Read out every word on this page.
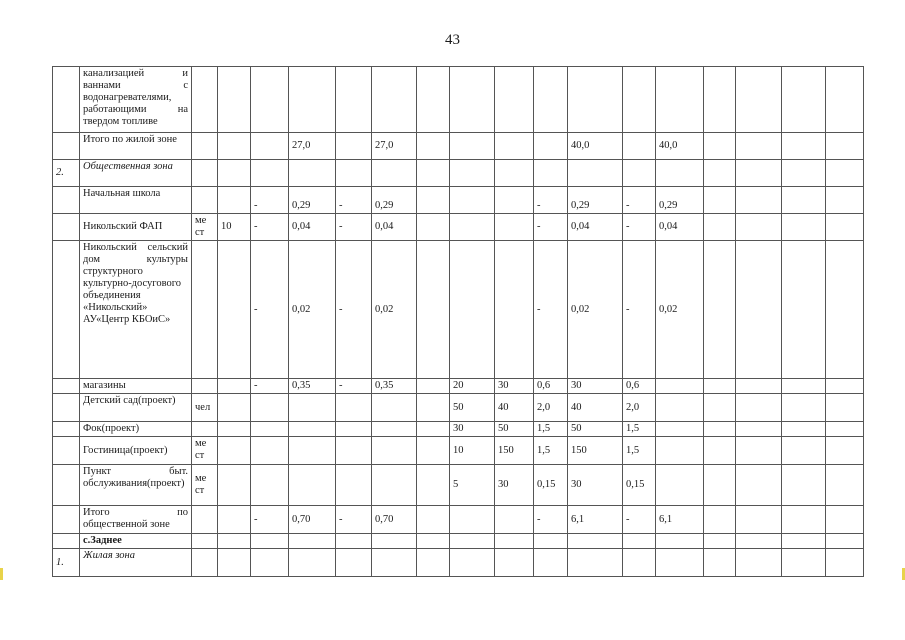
43
	канализацией и ваннами с водонагревателями, работающими на твердом топливе																	
	Итого по жилой зоне				27,0		27,0					40,0		40,0				
2.	Общественная зона																	
	Начальная школа			-	0,29	-	0,29				-	0,29	-	0,29				
	Никольский ФАП	ме ст	10	-	0,04	-	0,04				-	0,04	-	0,04				
	Никольский сельский дом культуры структурного культурно-досугового объединения «Никольский» АУ«Центр КБОиС»			-	0,02	-	0,02				-	0,02	-	0,02				
	магазины			-	0,35	-	0,35		20	30	0,6	30	0,6					
	Детский сад(проект)	чел							50	40	2,0	40	2,0					
	Фок(проект)								30	50	1,5	50	1,5					
	Гостиница(проект)	ме ст							10	150	1,5	150	1,5					
	Пункт быт. обслуживания(проект)	ме ст							5	30	0,15	30	0,15					
	Итого по общественной зоне			-	0,70	-	0,70				-	6,1	-	6,1				
	с.Заднее																	
1.	Жилая зона																	
